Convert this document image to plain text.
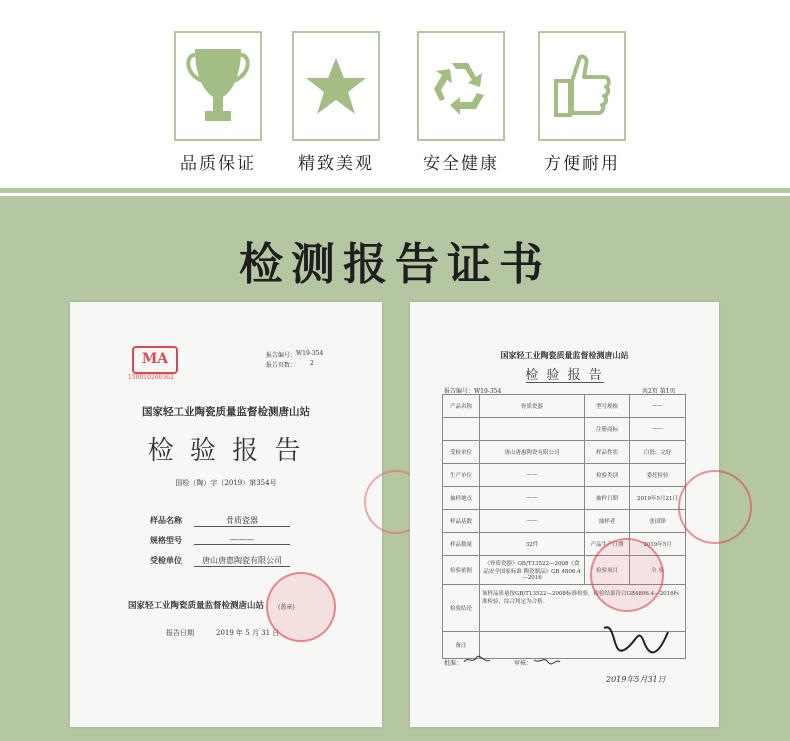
品质保证	精致美观	安全健康	方便耐用
检测报告证书
MA
150010260362
报告编号： W19-354
报告页数： 2
国家轻工业陶瓷质量监督检测唐山站
检 验 报 告
国检（陶）字（2019）第354号
样品名称	骨质瓷器
规格型号	———
受检单位	唐山唐惠陶瓷有限公司
国家轻工业陶瓷质量监督检测唐山站 (盖章)
报告日期	2019 年 5 月 31 日
国家轻工业陶瓷质量监督检测唐山站
检 验 报 告
报告编号：W19-354	共2页 第1页
产品名称	骨质瓷器	型号规格	——
		注册商标	——
受检单位	唐山唐惠陶瓷有限公司	样品性状	白瓷、完好
生产单位	——	检验类别	委托检验
抽样地点	——	抽样日期	2019年5月21日
样品基数	——	抽样者	张国锋
样品数量	32件	产品生产日期	2019年5月
检验依据	《骨质瓷器》GB/T13522—2008《食品安全国家标准 陶瓷制品》GB 4806.4—2016	检验项目	全 项
检验结论	该样品质量按GB/T13522—2008标准检验，检验结果符合GB4806.4—2016标准检验，综合判定为合格。		
备注			
批准：	审核：
2019年5月31日
